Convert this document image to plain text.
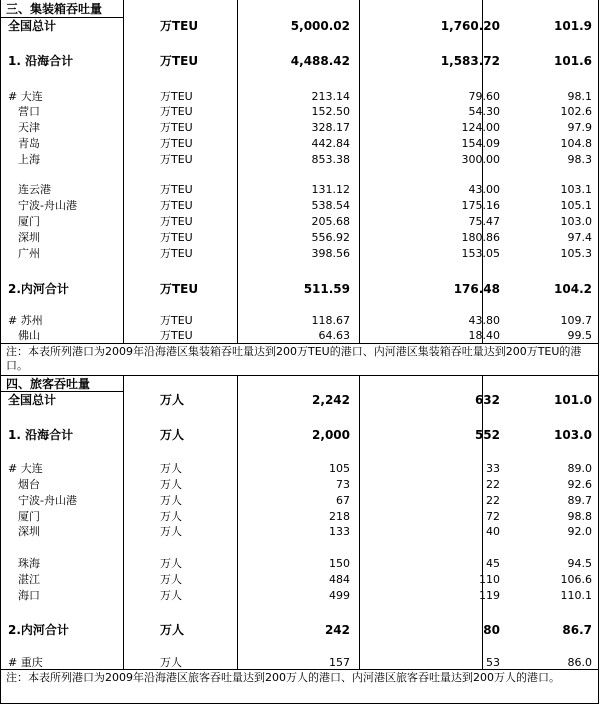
三、集装箱吞吐量
全国总计	万TEU	5,000.02	1,760.20	101.9
1. 沿海合计	万TEU	4,488.42	1,583.72	101.6
# 大连	万TEU	213.14	79.60	98.1
营口	万TEU	152.50	54.30	102.6
天津	万TEU	328.17	124.00	97.9
青岛	万TEU	442.84	154.09	104.8
上海	万TEU	853.38	300.00	98.3
连云港	万TEU	131.12	43.00	103.1
宁波-舟山港	万TEU	538.54	175.16	105.1
厦门	万TEU	205.68	75.47	103.0
深圳	万TEU	556.92	180.86	97.4
广州	万TEU	398.56	153.05	105.3
2.内河合计	万TEU	511.59	176.48	104.2
# 苏州	万TEU	118.67	43.80	109.7
佛山	万TEU	64.63	18.40	99.5
注：本表所列港口为2009年沿海港区集装箱吞吐量达到200万TEU的港口、内河港区集装箱吞吐量达到200万TEU的港口。
四、旅客吞吐量
全国总计	万人	2,242	632	101.0
1. 沿海合计	万人	2,000	552	103.0
# 大连	万人	105	33	89.0
烟台	万人	73	22	92.6
宁波-舟山港	万人	67	22	89.7
厦门	万人	218	72	98.8
深圳	万人	133	40	92.0
珠海	万人	150	45	94.5
湛江	万人	484	110	106.6
海口	万人	499	119	110.1
2.内河合计	万人	242	80	86.7
# 重庆	万人	157	53	86.0
注：本表所列港口为2009年沿海港区旅客吞吐量达到200万人的港口、内河港区旅客吞吐量达到200万人的港口。
